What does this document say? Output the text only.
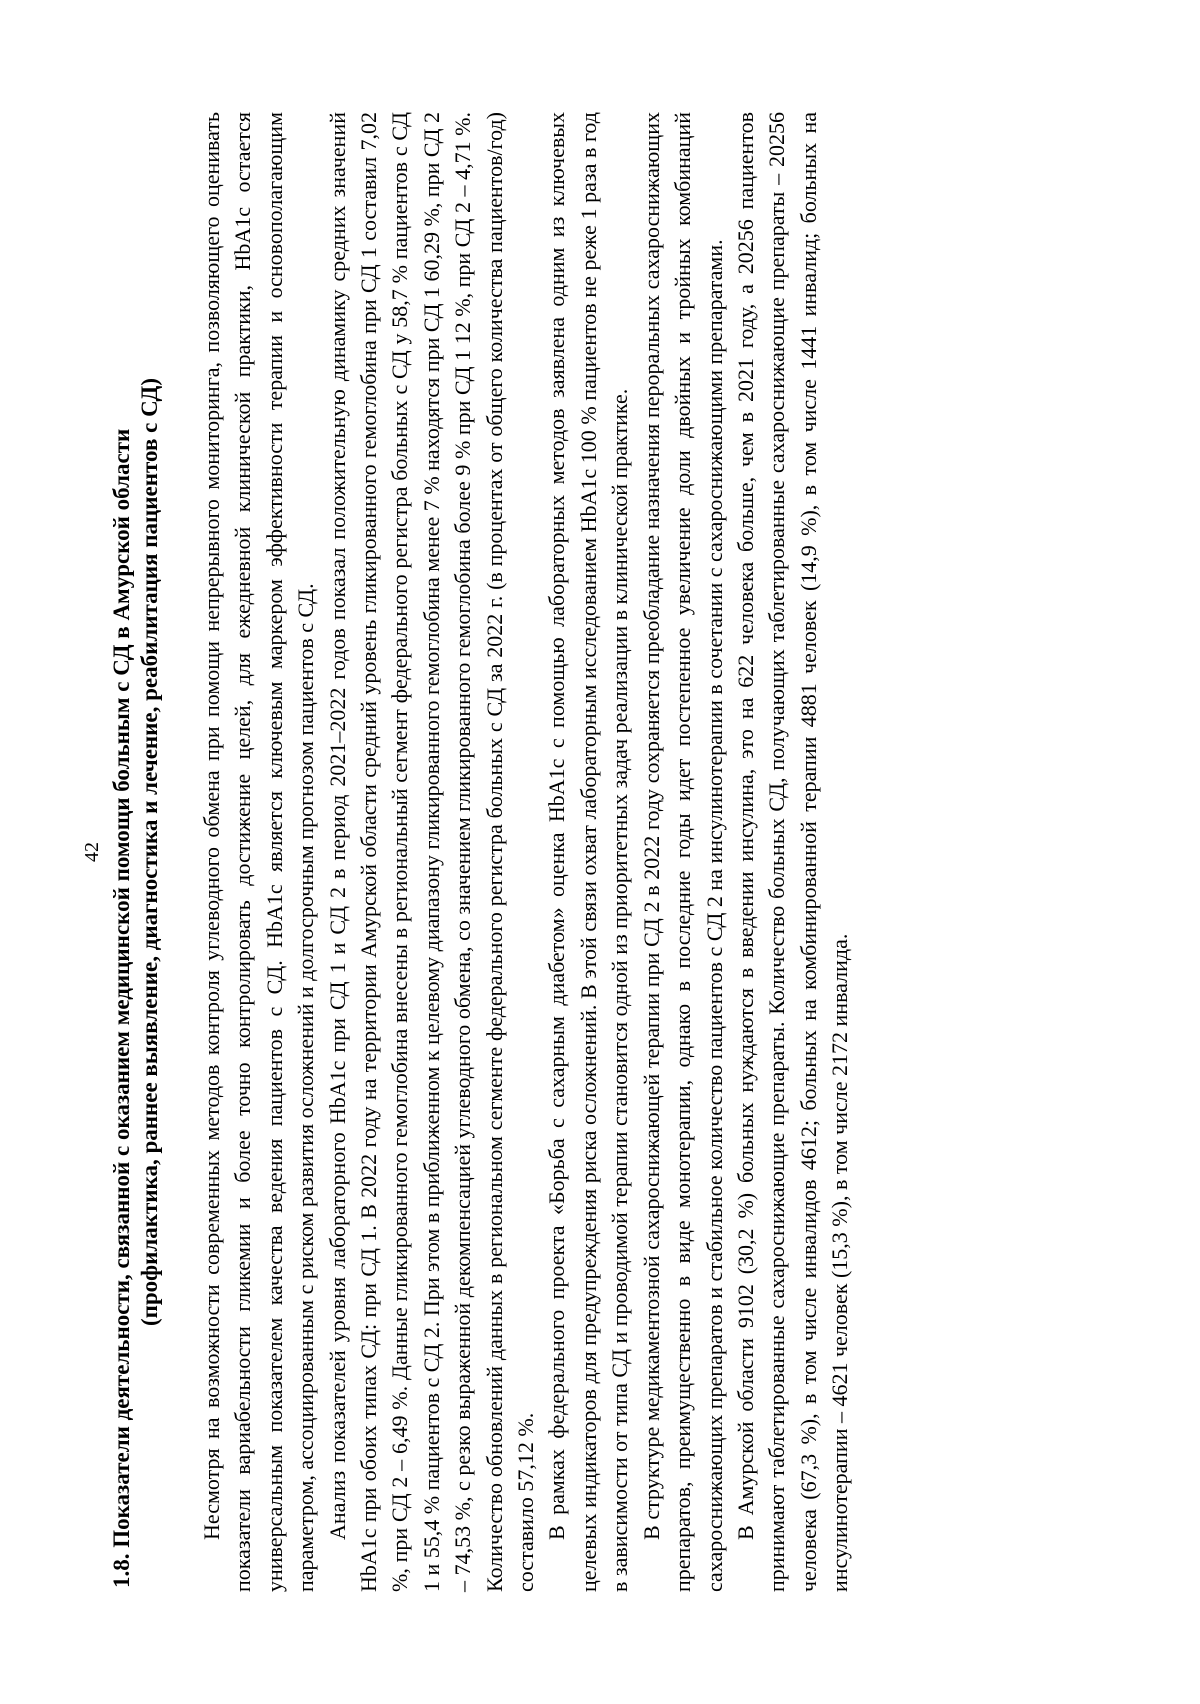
42 1.8. Показатели деятельности, связанной с оказанием медицинской помощи больным с СД в Амурской области (профилактика, раннее выявление, диагностика и лечение, реабилитация пациентов с СД) Несмотря на возможности современных методов контроля углеводного обмена при помощи непрерывного мониторинга, позволяющего оценивать показатели вариабельности гликемии и более точно контролировать достижение целей, для ежедневной клинической практики, HbA1c остается универсальным показателем качества ведения пациентов с СД. HbA1c является ключевым маркером эффективности терапии и основополагающим параметром, ассоциированным с риском развития осложнений и долгосрочным прогнозом пациентов с СД. Анализ показателей уровня лабораторного HbA1c при СД 1 и СД 2 в период 2021–2022 годов показал положительную динамику средних значений HbA1c при обоих типах СД: при СД 1. В 2022 году на территории Амурской области средний уровень гликированного гемоглобина при СД 1 составил 7,02 %, при СД 2 – 6,49 %. Данные гликированного гемоглобина внесены в региональный сегмент федерального регистра больных с СД у 58,7 % пациентов с СД 1 и 55,4 % пациентов с СД 2. При этом в приближенном к целевому диапазону гликированного гемоглобина менее 7 % находятся при СД 1 60,29 %, при СД 2 – 74,53 %, с резко выраженной декомпенсацией углеводного обмена, со значением гликированного гемоглобина более 9 % при СД 1 12 %, при СД 2 – 4,71 %. Количество обновлений данных в региональном сегменте федерального регистра больных с СД за 2022 г. (в процентах от общего количества пациентов/год) составило 57,12 %. В рамках федерального проекта «Борьба с сахарным диабетом» оценка HbA1c с помощью лабораторных методов заявлена одним из ключевых целевых индикаторов для предупреждения риска осложнений. В этой связи охват лабораторным исследованием HbA1c 100 % пациентов не реже 1 раза в год в зависимости от типа СД и проводимой терапии становится одной из приоритетных задач реализации в клинической практике. В структуре медикаментозной сахароснижающей терапии при СД 2 в 2022 году сохраняется преобладание назначения пероральных сахароснижающих препаратов, преимущественно в виде монотерапии, однако в последние годы идет постепенное увеличение доли двойных и тройных комбинаций сахароснижающих препаратов и стабильное количество пациентов с СД 2 на инсулинотерапии в сочетании с сахароснижающими препаратами. В Амурской области 9102 (30,2 %) больных нуждаются в введении инсулина, это на 622 человека больше, чем в 2021 году, а 20256 пациентов принимают таблетированные сахароснижающие препараты. Количество больных СД, получающих таблетированные сахароснижающие препараты – 20256 человека (67,3 %), в том числе инвалидов 4612; больных на комбинированной терапии 4881 человек (14,9 %), в том числе 1441 инвалид; больных на инсулинотерапии – 4621 человек (15,3 %), в том числе 2172 инвалида.
